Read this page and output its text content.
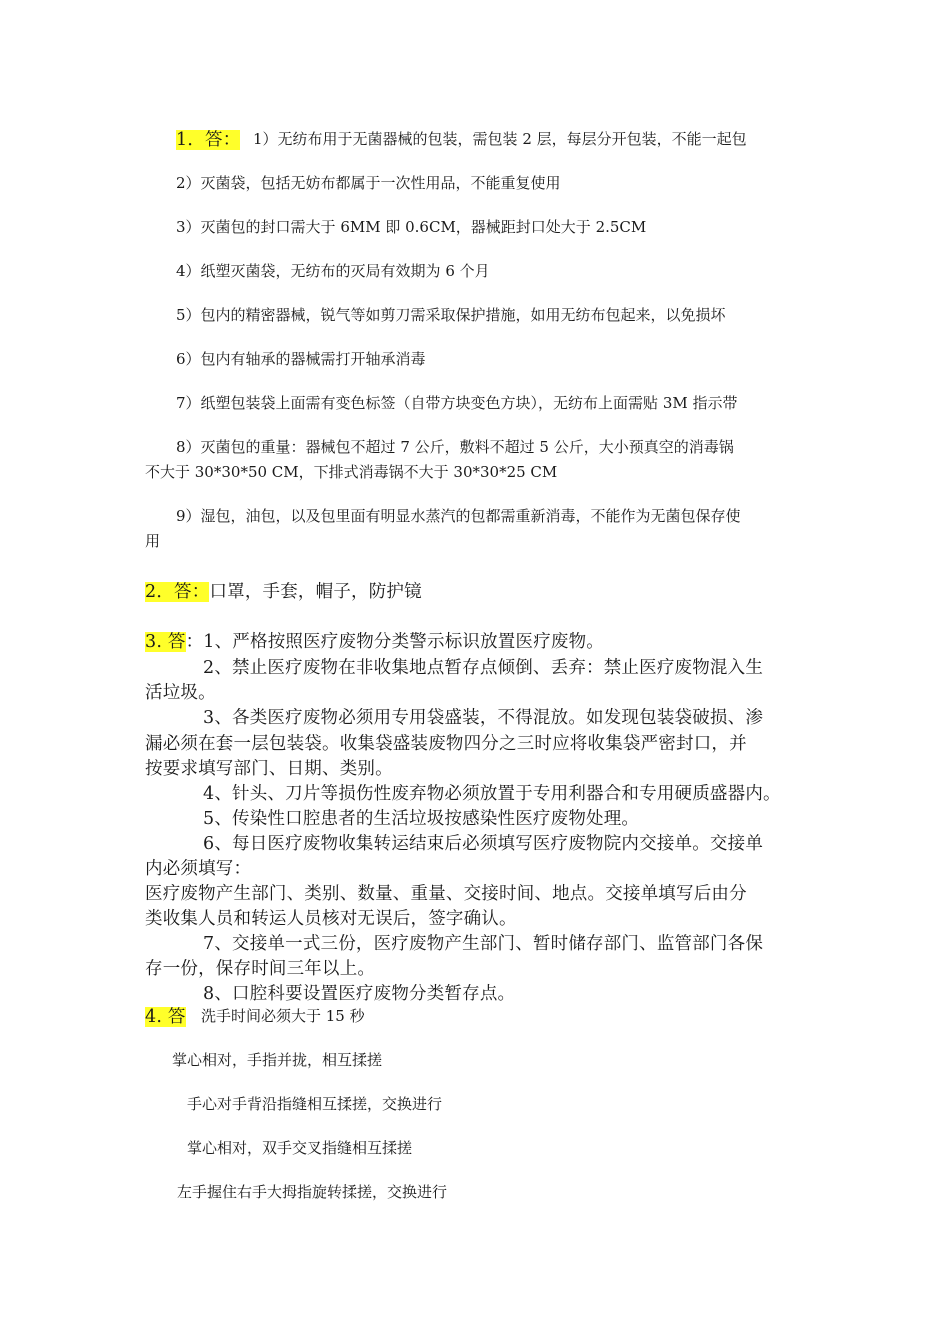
1．答： 1）无纺布用于无菌器械的包装，需包装 2 层，每层分开包装，不能一起包
2）灭菌袋，包括无妨布都属于一次性用品，不能重复使用
3）灭菌包的封口需大于 6MM 即 0.6CM，器械距封口处大于 2.5CM
4）纸塑灭菌袋，无纺布的灭局有效期为 6 个月
5）包内的精密器械，锐气等如剪刀需采取保护措施，如用无纺布包起来，以免损坏
6）包内有轴承的器械需打开轴承消毒
7）纸塑包装袋上面需有变色标签（自带方块变色方块），无纺布上面需贴 3M 指示带
8）灭菌包的重量：器械包不超过 7 公斤，敷料不超过 5 公斤，大小预真空的消毒锅
不大于 30*30*50 CM，下排式消毒锅不大于 30*30*25 CM
9）湿包，油包，以及包里面有明显水蒸汽的包都需重新消毒，不能作为无菌包保存使
用
2．答：口罩，手套，帽子，防护镜
3. 答：1、严格按照医疗废物分类警示标识放置医疗废物。
2、禁止医疗废物在非收集地点暂存点倾倒、丢弃：禁止医疗废物混入生
活垃圾。
3、各类医疗废物必须用专用袋盛装，不得混放。如发现包装袋破损、渗
漏必须在套一层包装袋。收集袋盛装废物四分之三时应将收集袋严密封口，并
按要求填写部门、日期、类别。
4、针头、刀片等损伤性废弃物必须放置于专用利器合和专用硬质盛器内。
5、传染性口腔患者的生活垃圾按感染性医疗废物处理。
6、每日医疗废物收集转运结束后必须填写医疗废物院内交接单。交接单
内必须填写：
医疗废物产生部门、类别、数量、重量、交接时间、地点。交接单填写后由分
类收集人员和转运人员核对无误后，签字确认。
7、交接单一式三份，医疗废物产生部门、暂时储存部门、监管部门各保
存一份，保存时间三年以上。
8、口腔科要设置医疗废物分类暂存点。
4. 答 洗手时间必须大于 15 秒
掌心相对，手指并拢，相互揉搓
手心对手背沿指缝相互揉搓，交换进行
掌心相对，双手交叉指缝相互揉搓
左手握住右手大拇指旋转揉搓，交换进行
